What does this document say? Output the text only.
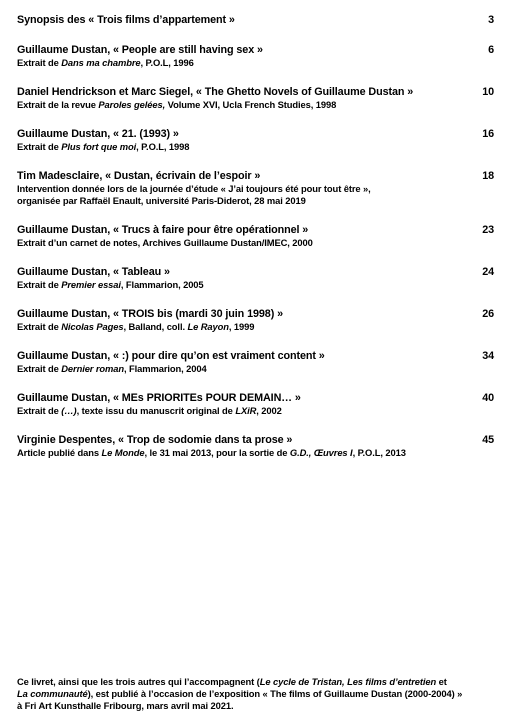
Synopsis des « Trois films d’appartement »	3
Guillaume Dustan, « People are still having sex »	6
Extrait de Dans ma chambre, P.O.L, 1996
Daniel Hendrickson et Marc Siegel, « The Ghetto Novels of Guillaume Dustan »	10
Extrait de la revue Paroles gelées, Volume XVI, Ucla French Studies, 1998
Guillaume Dustan, « 21. (1993) »	16
Extrait de Plus fort que moi, P.O.L, 1998
Tim Madesclaire, « Dustan, écrivain de l’espoir »	18
Intervention donnée lors de la journée d’étude « J’ai toujours été pour tout être »,
organisée par Raffaël Enault, université Paris-Diderot, 28 mai 2019
Guillaume Dustan, « Trucs à faire pour être opérationnel »	23
Extrait d’un carnet de notes, Archives Guillaume Dustan/IMEC, 2000
Guillaume Dustan, « Tableau »	24
Extrait de Premier essai, Flammarion, 2005
Guillaume Dustan, « TROIS bis (mardi 30 juin 1998) »	26
Extrait de Nicolas Pages, Balland, coll. Le Rayon, 1999
Guillaume Dustan, « :) pour dire qu’on est vraiment content »	34
Extrait de Dernier roman, Flammarion, 2004
Guillaume Dustan, « MEs PRIORITEs POUR DEMAIN… »	40
Extrait de (…), texte issu du manuscrit original de LXiR, 2002
Virginie Despentes, « Trop de sodomie dans ta prose »	45
Article publié dans Le Monde, le 31 mai 2013, pour la sortie de G.D., Œuvres I, P.O.L, 2013
Ce livret, ainsi que les trois autres qui l’accompagnent (Le cycle de Tristan, Les films d’entretien et
La communauté), est publié à l’occasion de l’exposition « The films of Guillaume Dustan (2000-2004) »
à Fri Art Kunsthalle Fribourg, mars avril mai 2021.
